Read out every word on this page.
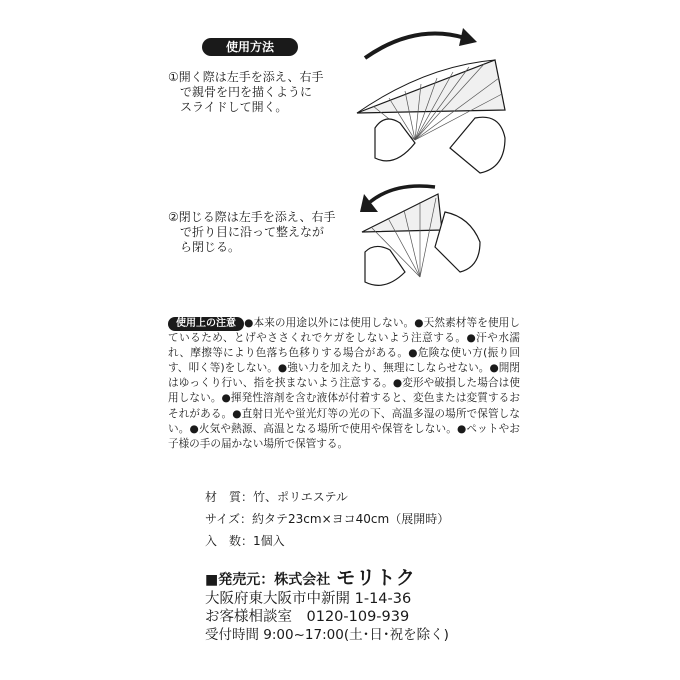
使用方法
①開く際は左手を添え、右手
　で親骨を円を描くように
　スライドして開く。
②閉じる際は左手を添え、右手
　で折り目に沿って整えなが
　ら閉じる。
使用上の注意 ●本来の用途以外には使用しない。●天然素材等を使用しているため、とげやささくれでケガをしないよう注意する。●汗や水濡れ、摩擦等により色落ち色移りする場合がある。●危険な使い方(振り回す、叩く等)をしない。●強い力を加えたり、無理にしならせない。●開閉はゆっくり行い、指を挟まないよう注意する。●変形や破損した場合は使用しない。●揮発性溶剤を含む液体が付着すると、変色または変質するおそれがある。●直射日光や蛍光灯等の光の下、高温多湿の場所で保管しない。●火気や熱源、高温となる場所で使用や保管をしない。●ペットやお子様の手の届かない場所で保管する。
材　質：竹、ポリエステル
サイズ：約タテ23cm×ヨコ40cm（展開時）
入　数：1個入
■発売元：株式会社 モリトク
大阪府東大阪市中新開 1-14-36
お客様相談室　0120-109-939
受付時間 9:00~17:00(土･日･祝を除く)
